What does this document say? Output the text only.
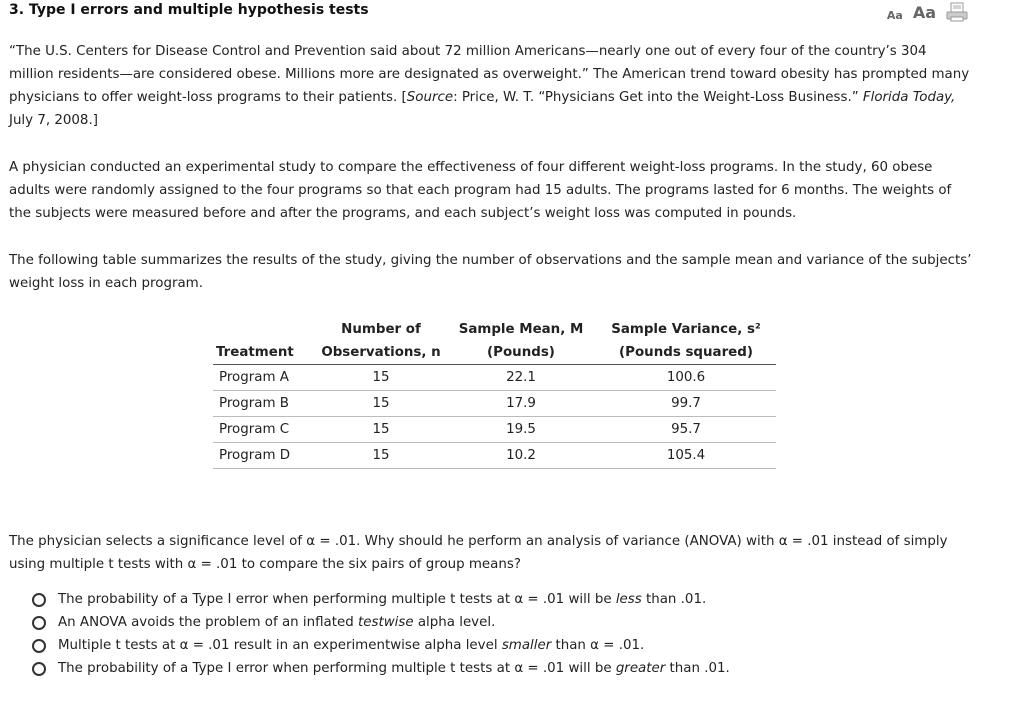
3. Type I errors and multiple hypothesis tests	Aa Aa

“The U.S. Centers for Disease Control and Prevention said about 72 million Americans—nearly one out of every four of the country’s 304 million residents—are considered obese. Millions more are designated as overweight.” The American trend toward obesity has prompted many physicians to offer weight-loss programs to their patients. [Source: Price, W. T. “Physicians Get into the Weight-Loss Business.” Florida Today, July 7, 2008.]

A physician conducted an experimental study to compare the effectiveness of four different weight-loss programs. In the study, 60 obese adults were randomly assigned to the four programs so that each program had 15 adults. The programs lasted for 6 months. The weights of the subjects were measured before and after the programs, and each subject’s weight loss was computed in pounds.

The following table summarizes the results of the study, giving the number of observations and the sample mean and variance of the subjects’ weight loss in each program.

	Number of	Sample Mean, M	Sample Variance, s²
Treatment	Observations, n	(Pounds)	(Pounds squared)
Program A	15	22.1	100.6
Program B	15	17.9	99.7
Program C	15	19.5	95.7
Program D	15	10.2	105.4

The physician selects a significance level of α = .01. Why should he perform an analysis of variance (ANOVA) with α = .01 instead of simply using multiple t tests with α = .01 to compare the six pairs of group means?

The probability of a Type I error when performing multiple t tests at α = .01 will be less than .01.
An ANOVA avoids the problem of an inflated testwise alpha level.
Multiple t tests at α = .01 result in an experimentwise alpha level smaller than α = .01.
The probability of a Type I error when performing multiple t tests at α = .01 will be greater than .01.
